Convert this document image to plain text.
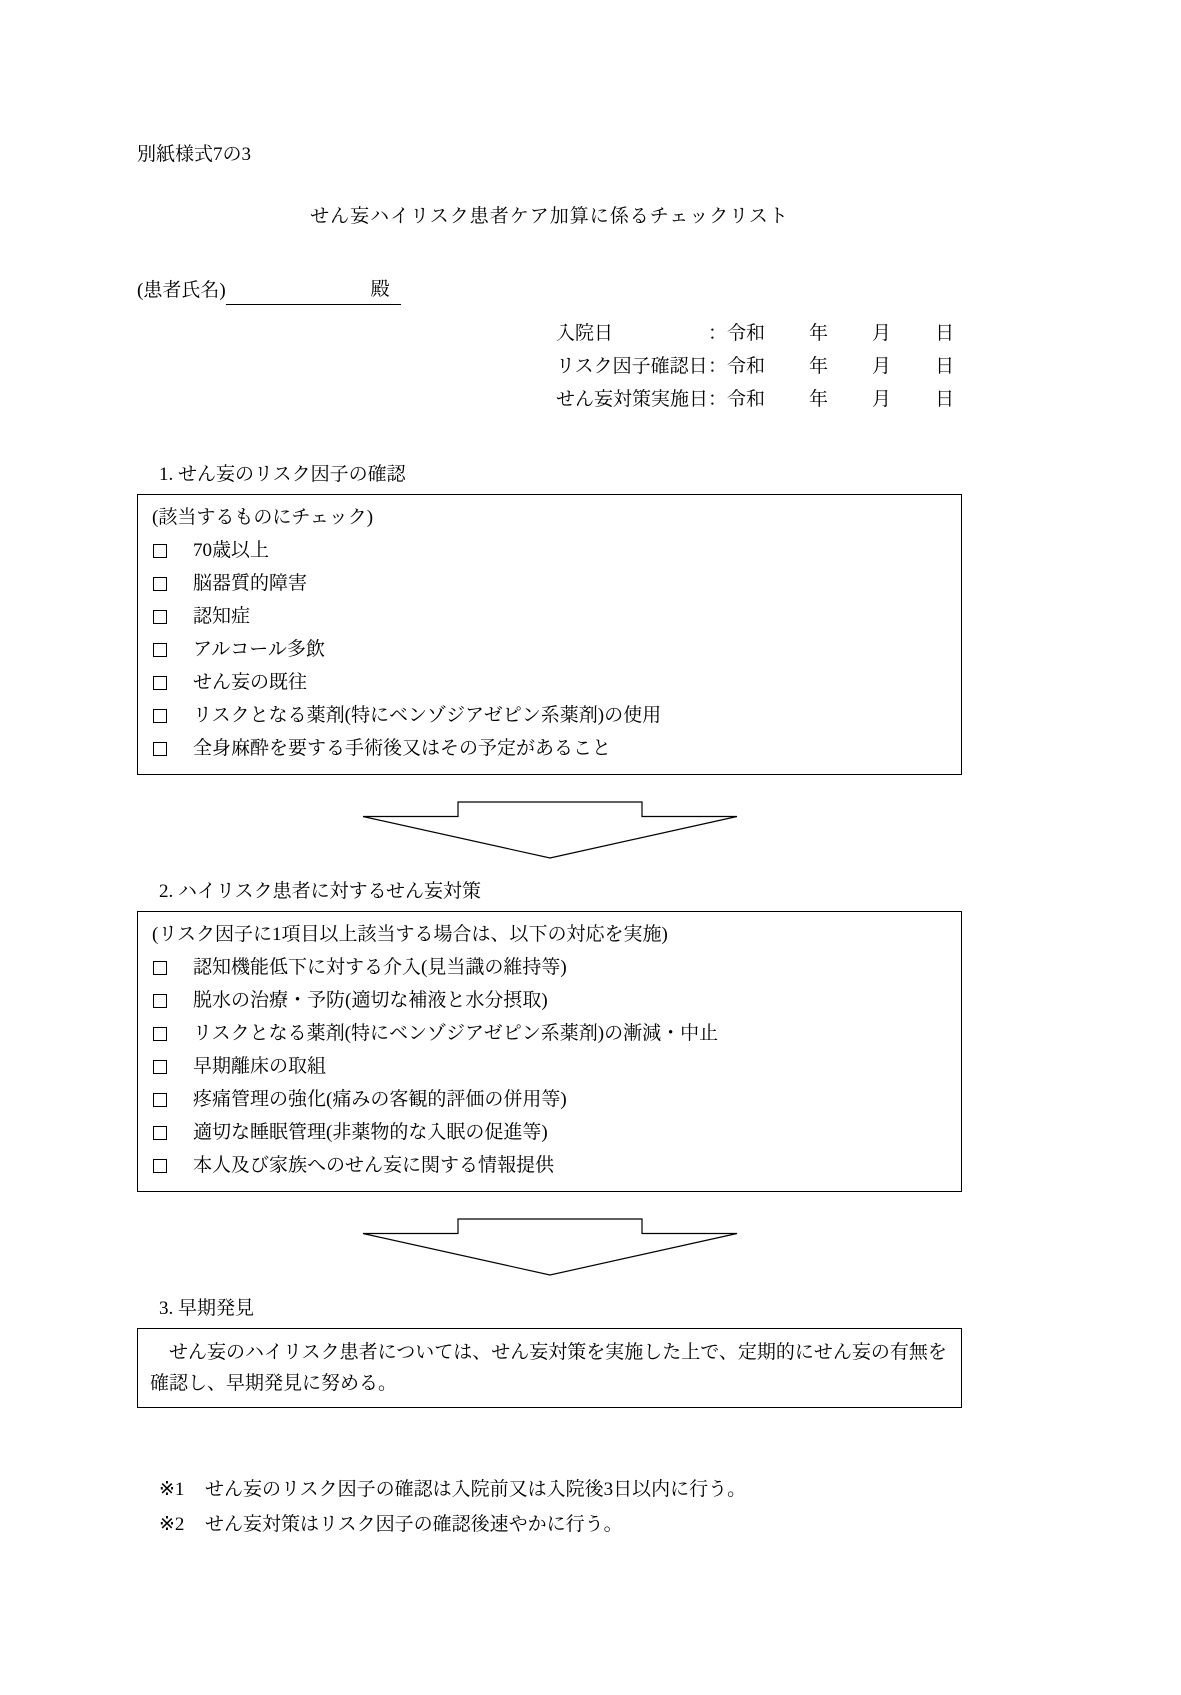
別紙様式7の3
せん妄ハイリスク患者ケア加算に係るチェックリスト
(患者氏名)	殿
入院日	： 令和 年 月 日
リスク因子確認日 ： 令和 年 月 日
せん妄対策実施日 ： 令和 年 月 日
1. せん妄のリスク因子の確認
(該当するものにチェック)
70歳以上
脳器質的障害
認知症
アルコール多飲
せん妄の既往
リスクとなる薬剤(特にベンゾジアゼピン系薬剤)の使用
全身麻酔を要する手術後又はその予定があること
2. ハイリスク患者に対するせん妄対策
(リスク因子に1項目以上該当する場合は、以下の対応を実施)
認知機能低下に対する介入(見当識の維持等)
脱水の治療・予防(適切な補液と水分摂取)
リスクとなる薬剤(特にベンゾジアゼピン系薬剤)の漸減・中止
早期離床の取組
疼痛管理の強化(痛みの客観的評価の併用等)
適切な睡眠管理(非薬物的な入眠の促進等)
本人及び家族へのせん妄に関する情報提供
3. 早期発見
　せん妄のハイリスク患者については、せん妄対策を実施した上で、定期的にせん妄の有無を確認し、早期発見に努める。
※1	せん妄のリスク因子の確認は入院前又は入院後3日以内に行う。
※2	せん妄対策はリスク因子の確認後速やかに行う。
